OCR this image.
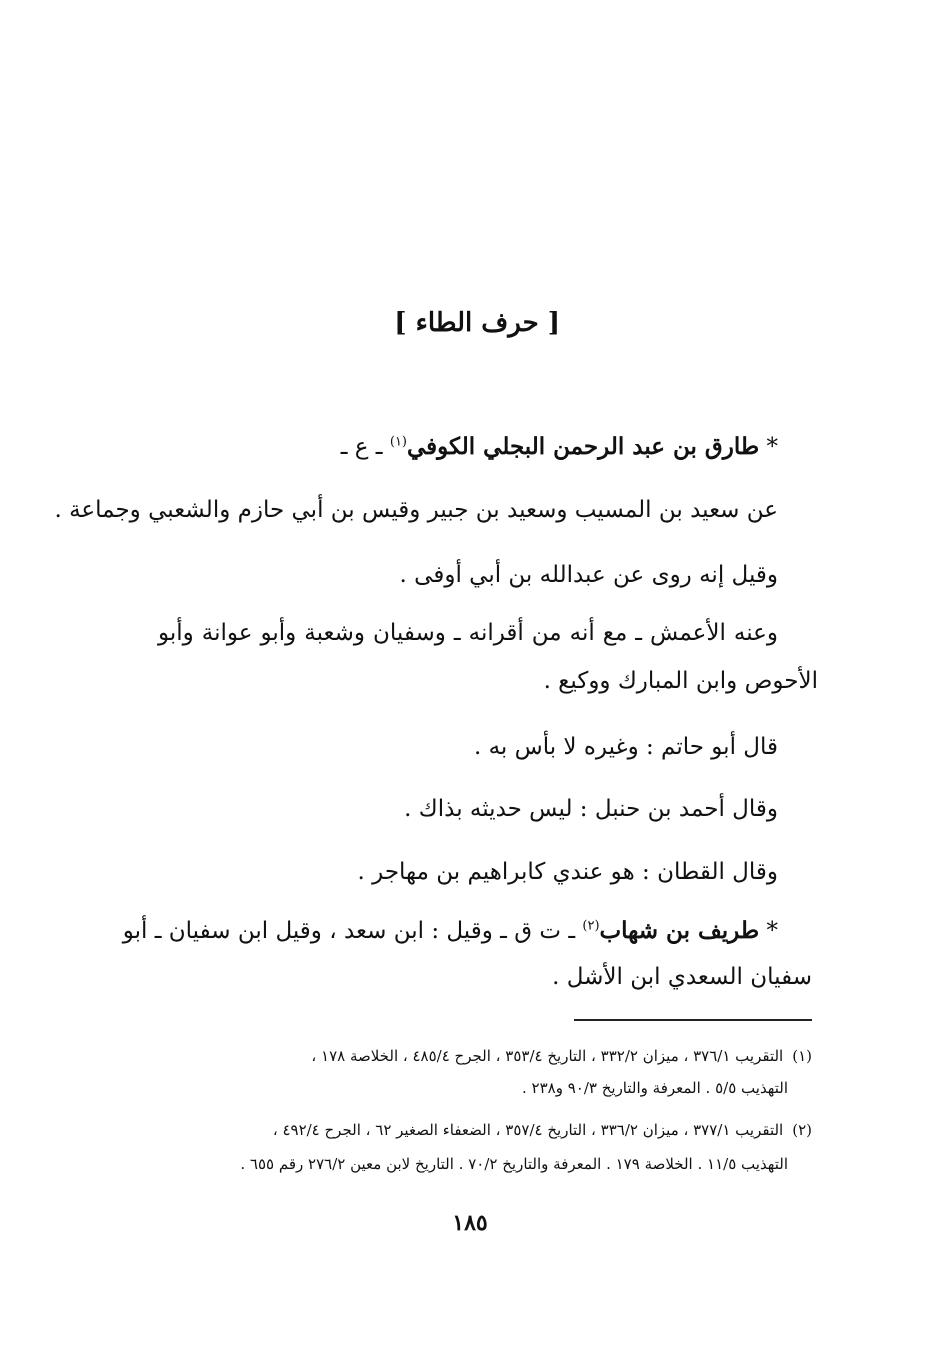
[ حرف الطاء ]
* طارق بن عبد الرحمن البجلي الكوفي$^{(١)}$ ـ ع ـ
عن سعيد بن المسيب وسعيد بن جبير وقيس بن أبي حازم والشعبي وجماعة .
وقيل إنه روى عن عبدالله بن أبي أوفى .
وعنه الأعمش ـ مع أنه من أقرانه ـ وسفيان وشعبة وأبو عوانة وأبو
الأحوص وابن المبارك ووكيع .
قال أبو حاتم : وغيره لا بأس به .
وقال أحمد بن حنبل : ليس حديثه بذاك .
وقال القطان : هو عندي كابراهيم بن مهاجر .
* طريف بن شهاب$^{(٢)}$ ـ ت ق ـ وقيل : ابن سعد ، وقيل ابن سفيان ـ أبو
سفيان السعدي ابن الأشل .
(١) التقريب ٣٧٦/١ ، ميزان ٣٣٢/٢ ، التاريخ ٣٥٣/٤ ، الجرح ٤٨٥/٤ ، الخلاصة ١٧٨ ،
التهذيب ٥/٥ . المعرفة والتاريخ ٩٠/٣ و٢٣٨ .
(٢) التقريب ٣٧٧/١ ، ميزان ٣٣٦/٢ ، التاريخ ٣٥٧/٤ ، الضعفاء الصغير ٦٢ ، الجرح ٤٩٢/٤ ،
التهذيب ١١/٥ . الخلاصة ١٧٩ . المعرفة والتاريخ ٧٠/٢ . التاريخ لابن معين ٢٧٦/٢ رقم ٦٥٥ .
١٨٥
